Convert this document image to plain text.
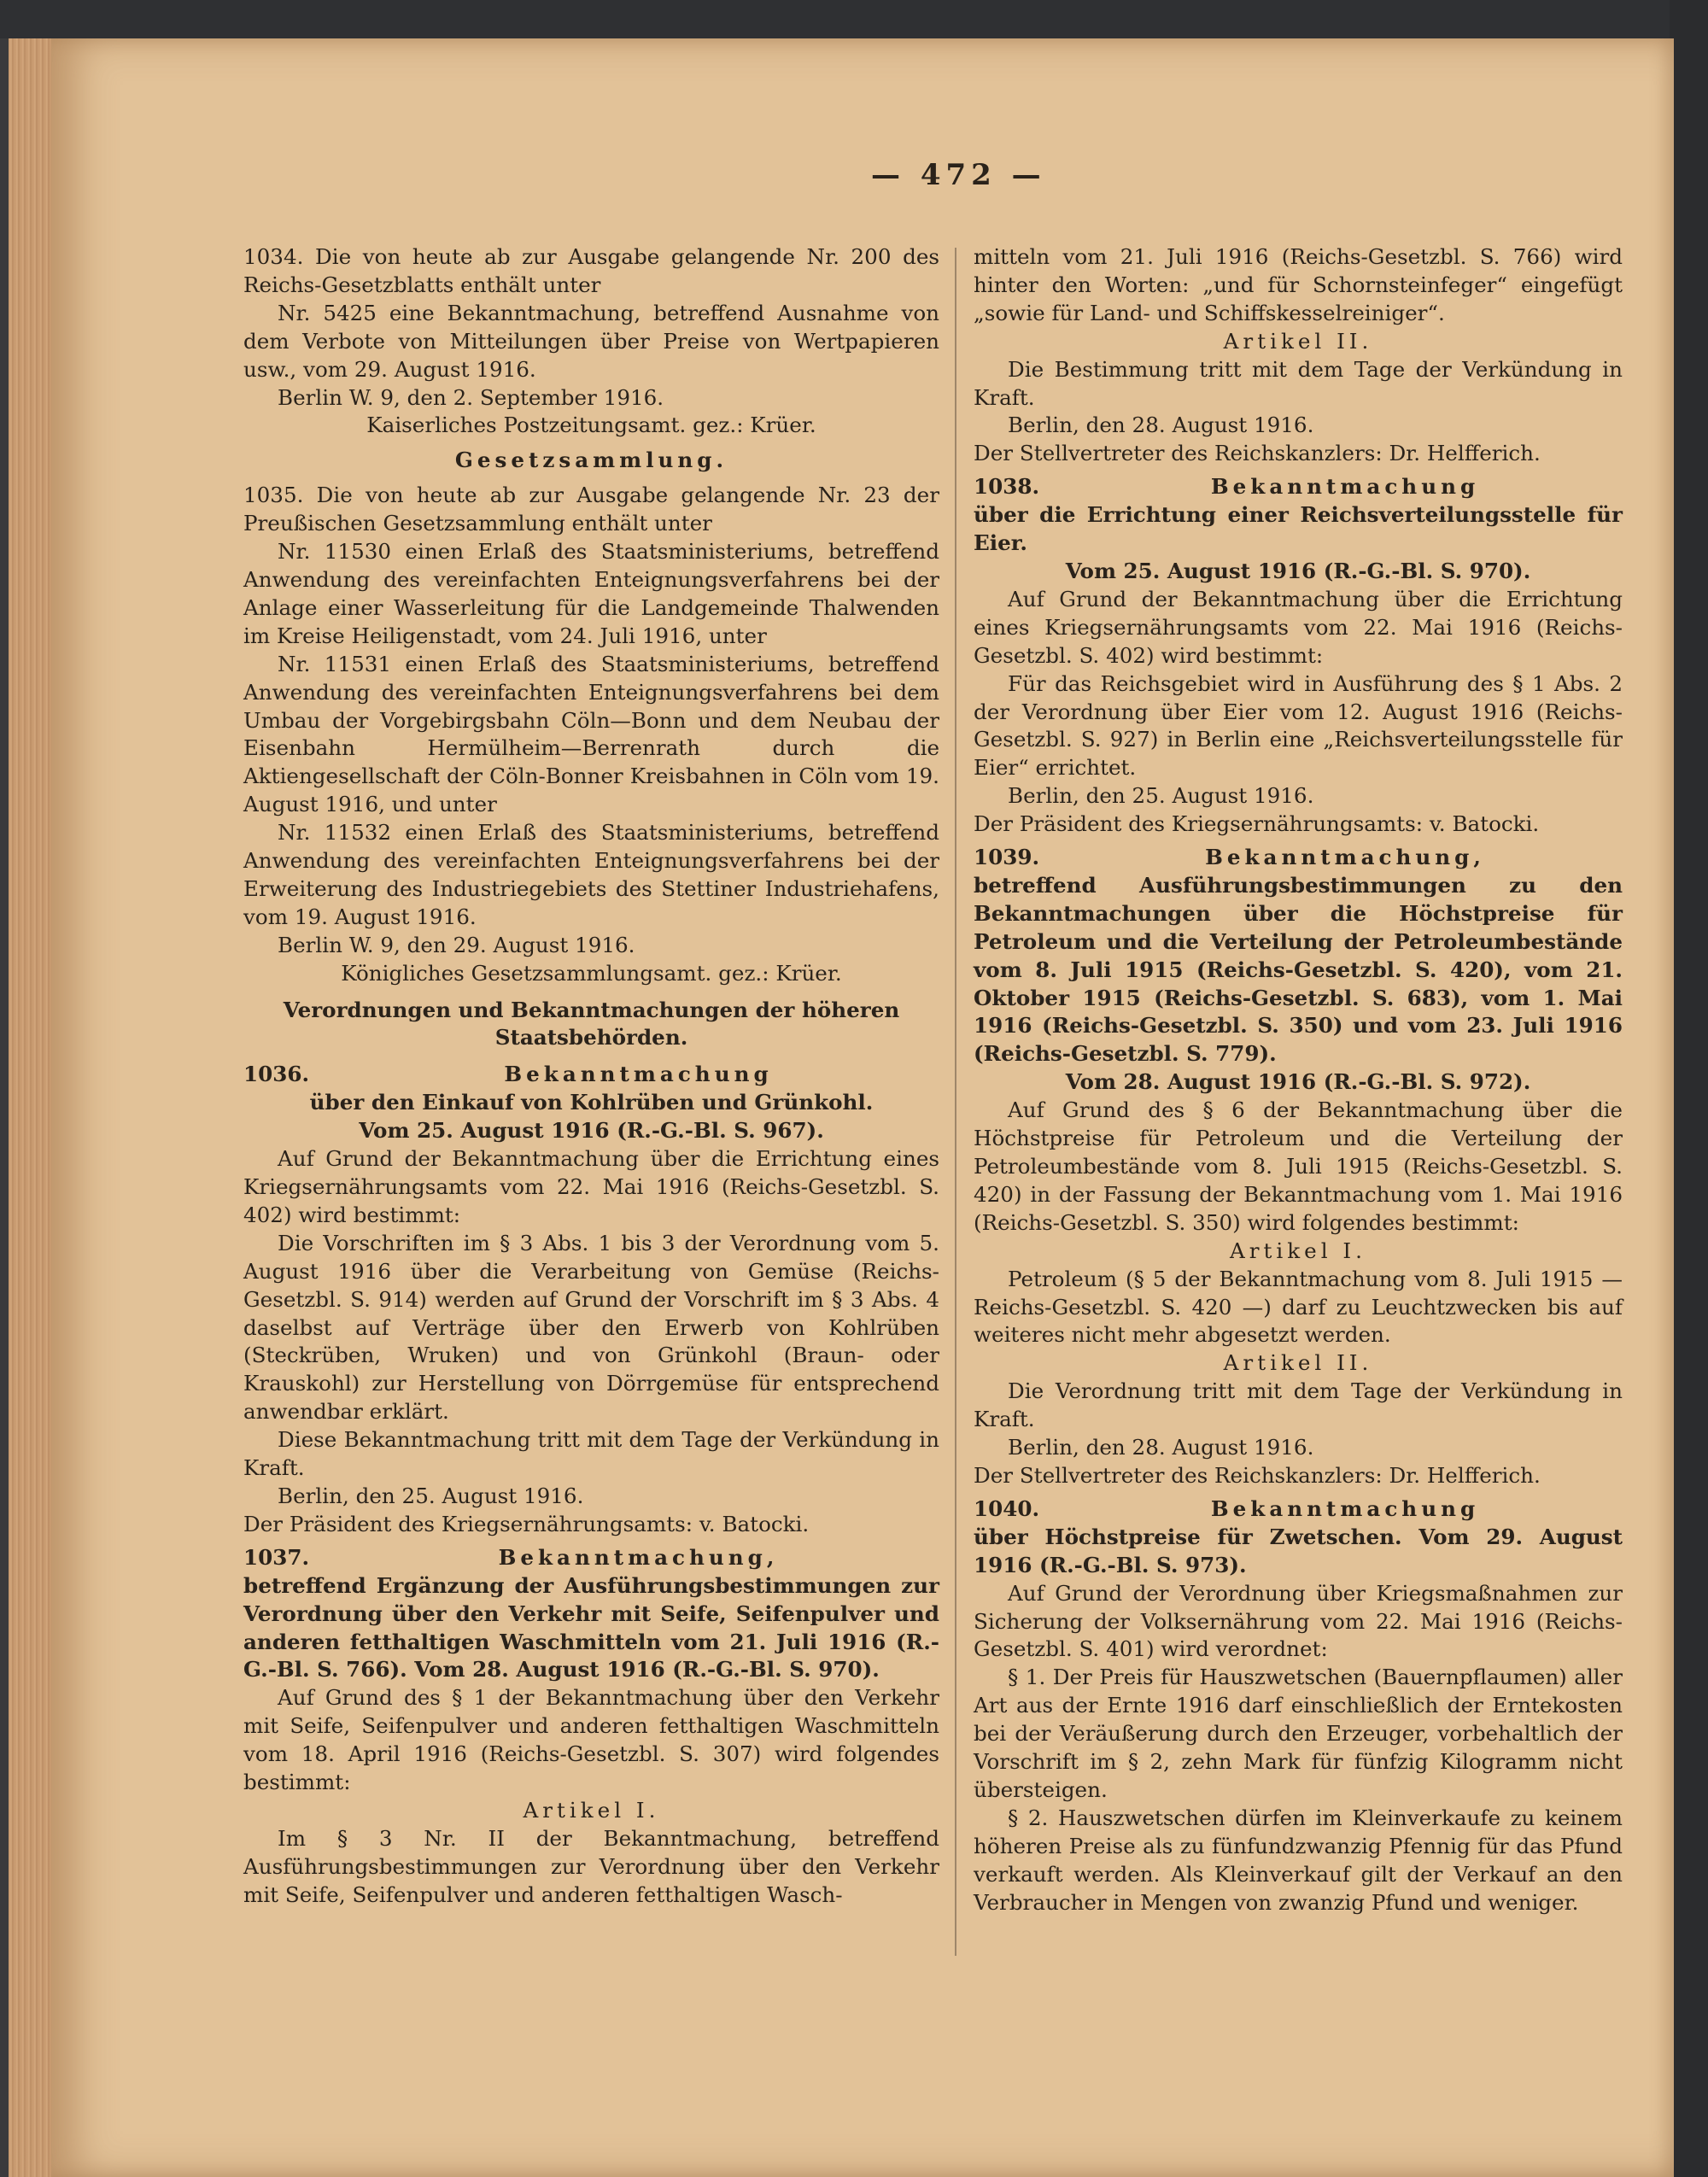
— 472 —

1034. Die von heute ab zur Ausgabe gelangende Nr. 200 des Reichs-Gesetzblatts enthält unter

Nr. 5425 eine Bekanntmachung, betreffend Ausnahme von dem Verbote von Mitteilungen über Preise von Wertpapieren usw., vom 29. August 1916.

Berlin W. 9, den 2. September 1916.

Kaiserliches Postzeitungsamt. gez.: Krüer.

Gesetzsammlung.

1035. Die von heute ab zur Ausgabe gelangende Nr. 23 der Preußischen Gesetzsammlung enthält unter

Nr. 11530 einen Erlaß des Staatsministeriums, betreffend Anwendung des vereinfachten Enteignungsverfahrens bei der Anlage einer Wasserleitung für die Landgemeinde Thalwenden im Kreise Heiligenstadt, vom 24. Juli 1916, unter

Nr. 11531 einen Erlaß des Staatsministeriums, betreffend Anwendung des vereinfachten Enteignungsverfahrens bei dem Umbau der Vorgebirgsbahn Cöln—Bonn und dem Neubau der Eisenbahn Hermülheim—Berrenrath durch die Aktiengesellschaft der Cöln-Bonner Kreisbahnen in Cöln vom 19. August 1916, und unter

Nr. 11532 einen Erlaß des Staatsministeriums, betreffend Anwendung des vereinfachten Enteignungsverfahrens bei der Erweiterung des Industriegebiets des Stettiner Industriehafens, vom 19. August 1916.

Berlin W. 9, den 29. August 1916.

Königliches Gesetzsammlungsamt. gez.: Krüer.

Verordnungen und Bekanntmachungen der höheren Staatsbehörden.

1036.	Bekanntmachung

über den Einkauf von Kohlrüben und Grünkohl.

Vom 25. August 1916 (R.-G.-Bl. S. 967).

Auf Grund der Bekanntmachung über die Errichtung eines Kriegsernährungsamts vom 22. Mai 1916 (Reichs-Gesetzbl. S. 402) wird bestimmt:

Die Vorschriften im § 3 Abs. 1 bis 3 der Verordnung vom 5. August 1916 über die Verarbeitung von Gemüse (Reichs-Gesetzbl. S. 914) werden auf Grund der Vorschrift im § 3 Abs. 4 daselbst auf Verträge über den Erwerb von Kohlrüben (Steckrüben, Wruken) und von Grünkohl (Braun- oder Krauskohl) zur Herstellung von Dörrgemüse für entsprechend anwendbar erklärt.

Diese Bekanntmachung tritt mit dem Tage der Verkündung in Kraft.

Berlin, den 25. August 1916.

Der Präsident des Kriegsernährungsamts: v. Batocki.

1037.	Bekanntmachung,

betreffend Ergänzung der Ausführungsbestimmungen zur Verordnung über den Verkehr mit Seife, Seifenpulver und anderen fetthaltigen Waschmitteln vom 21. Juli 1916 (R.-G.-Bl. S. 766). Vom 28. August 1916 (R.-G.-Bl. S. 970).

Auf Grund des § 1 der Bekanntmachung über den Verkehr mit Seife, Seifenpulver und anderen fetthaltigen Waschmitteln vom 18. April 1916 (Reichs-Gesetzbl. S. 307) wird folgendes bestimmt:

Artikel I.

Im § 3 Nr. II der Bekanntmachung, betreffend Ausführungsbestimmungen zur Verordnung über den Verkehr mit Seife, Seifenpulver und anderen fetthaltigen Wasch-

mitteln vom 21. Juli 1916 (Reichs-Gesetzbl. S. 766) wird hinter den Worten: „und für Schornsteinfeger“ eingefügt „sowie für Land- und Schiffskesselreiniger“.

Artikel II.

Die Bestimmung tritt mit dem Tage der Verkündung in Kraft.

Berlin, den 28. August 1916.

Der Stellvertreter des Reichskanzlers: Dr. Helfferich.

1038.	Bekanntmachung

über die Errichtung einer Reichsverteilungsstelle für Eier.

Vom 25. August 1916 (R.-G.-Bl. S. 970).

Auf Grund der Bekanntmachung über die Errichtung eines Kriegsernährungsamts vom 22. Mai 1916 (Reichs-Gesetzbl. S. 402) wird bestimmt:

Für das Reichsgebiet wird in Ausführung des § 1 Abs. 2 der Verordnung über Eier vom 12. August 1916 (Reichs-Gesetzbl. S. 927) in Berlin eine „Reichsverteilungsstelle für Eier“ errichtet.

Berlin, den 25. August 1916.

Der Präsident des Kriegsernährungsamts: v. Batocki.

1039.	Bekanntmachung,

betreffend Ausführungsbestimmungen zu den Bekanntmachungen über die Höchstpreise für Petroleum und die Verteilung der Petroleumbestände vom 8. Juli 1915 (Reichs-Gesetzbl. S. 420), vom 21. Oktober 1915 (Reichs-Gesetzbl. S. 683), vom 1. Mai 1916 (Reichs-Gesetzbl. S. 350) und vom 23. Juli 1916 (Reichs-Gesetzbl. S. 779).

Vom 28. August 1916 (R.-G.-Bl. S. 972).

Auf Grund des § 6 der Bekanntmachung über die Höchstpreise für Petroleum und die Verteilung der Petroleumbestände vom 8. Juli 1915 (Reichs-Gesetzbl. S. 420) in der Fassung der Bekanntmachung vom 1. Mai 1916 (Reichs-Gesetzbl. S. 350) wird folgendes bestimmt:

Artikel I.

Petroleum (§ 5 der Bekanntmachung vom 8. Juli 1915 — Reichs-Gesetzbl. S. 420 —) darf zu Leuchtzwecken bis auf weiteres nicht mehr abgesetzt werden.

Artikel II.

Die Verordnung tritt mit dem Tage der Verkündung in Kraft.

Berlin, den 28. August 1916.

Der Stellvertreter des Reichskanzlers: Dr. Helfferich.

1040.	Bekanntmachung

über Höchstpreise für Zwetschen. Vom 29. August 1916 (R.-G.-Bl. S. 973).

Auf Grund der Verordnung über Kriegsmaßnahmen zur Sicherung der Volksernährung vom 22. Mai 1916 (Reichs-Gesetzbl. S. 401) wird verordnet:

§ 1. Der Preis für Hauszwetschen (Bauernpflaumen) aller Art aus der Ernte 1916 darf einschließlich der Erntekosten bei der Veräußerung durch den Erzeuger, vorbehaltlich der Vorschrift im § 2, zehn Mark für fünfzig Kilogramm nicht übersteigen.

§ 2. Hauszwetschen dürfen im Kleinverkaufe zu keinem höheren Preise als zu fünfundzwanzig Pfennig für das Pfund verkauft werden. Als Kleinverkauf gilt der Verkauf an den Verbraucher in Mengen von zwanzig Pfund und weniger.
